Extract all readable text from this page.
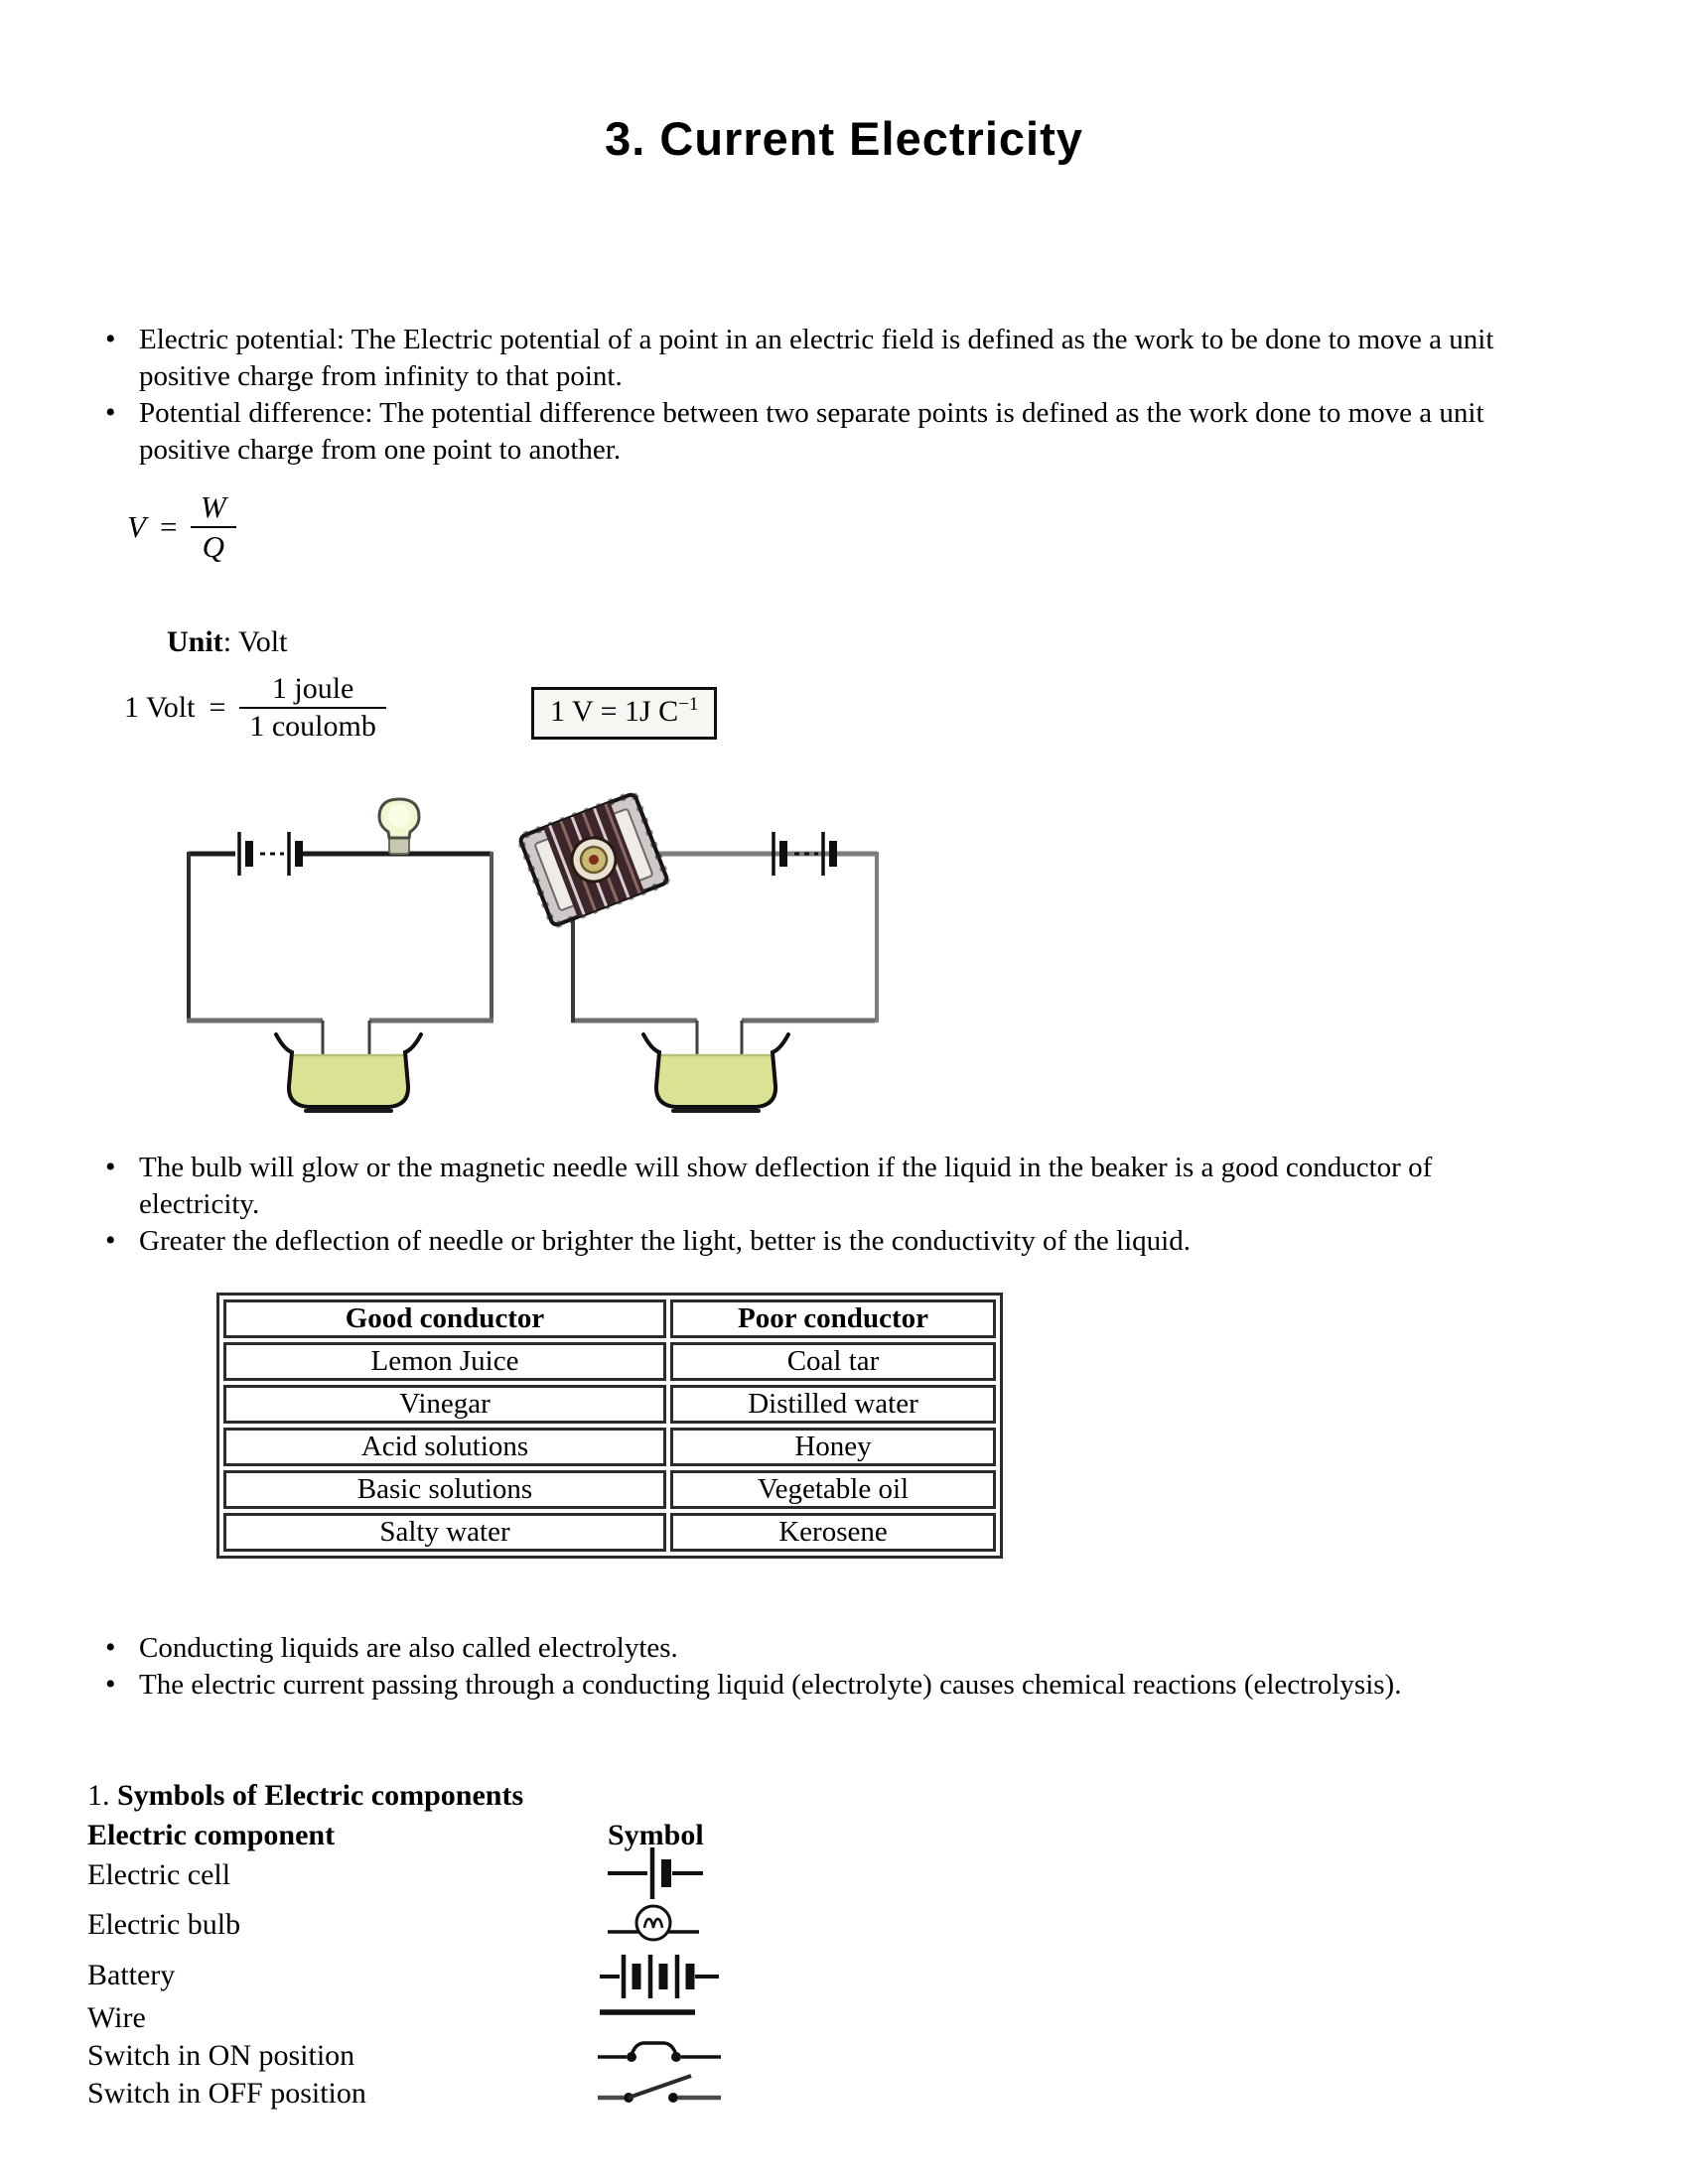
3. Current Electricity
• Electric potential: The Electric potential of a point in an electric field is defined as the work to be done to move a unit positive charge from infinity to that point.
• Potential difference: The potential difference between two separate points is defined as the work done to move a unit positive charge from one point to another.
$V = \frac{W}{Q}$
Unit: Volt
1 Volt = $\frac{\text{1 joule}}{\text{1 coulomb}}$	1 V = 1J $C^{-1}$
• The bulb will glow or the magnetic needle will show deflection if the liquid in the beaker is a good conductor of electricity.
• Greater the deflection of needle or brighter the light, better is the conductivity of the liquid.
Good conductor	Poor conductor
Lemon Juice	Coal tar
Vinegar	Distilled water
Acid solutions	Honey
Basic solutions	Vegetable oil
Salty water	Kerosene
• Conducting liquids are also called electrolytes.
• The electric current passing through a conducting liquid (electrolyte) causes chemical reactions (electrolysis).
1. Symbols of Electric components
Electric component	Symbol
Electric cell
Electric bulb
Battery
Wire
Switch in ON position
Switch in OFF position
